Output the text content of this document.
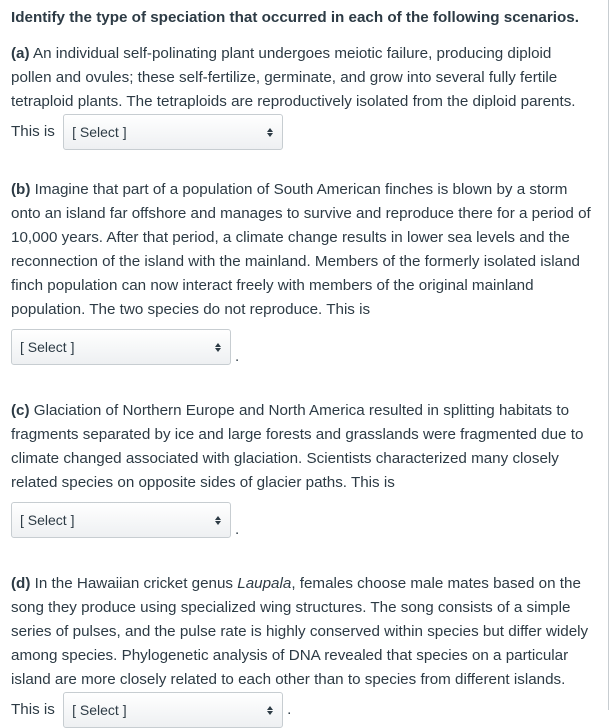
Identify the type of speciation that occurred in each of the following scenarios.

(a) An individual self-polinating plant undergoes meiotic failure, producing diploid pollen and ovules; these self-fertilize, germinate, and grow into several fully fertile tetraploid plants. The tetraploids are reproductively isolated from the diploid parents. This is [ Select ]
(b) Imagine that part of a population of South American finches is blown by a storm onto an island far offshore and manages to survive and reproduce there for a period of 10,000 years. After that period, a climate change results in lower sea levels and the reconnection of the island with the mainland. Members of the formerly isolated island finch population can now interact freely with members of the original mainland population. The two species do not reproduce. This is
[ Select ]
.
(c) Glaciation of Northern Europe and North America resulted in splitting habitats to fragments separated by ice and large forests and grasslands were fragmented due to climate changed associated with glaciation. Scientists characterized many closely related species on opposite sides of glacier paths. This is
[ Select ]
.
(d) In the Hawaiian cricket genus Laupala, females choose male mates based on the song they produce using specialized wing structures. The song consists of a simple series of pulses, and the pulse rate is highly conserved within species but differ widely among species. Phylogenetic analysis of DNA revealed that species on a particular island are more closely related to each other than to species from different islands. This is [ Select ]	.
